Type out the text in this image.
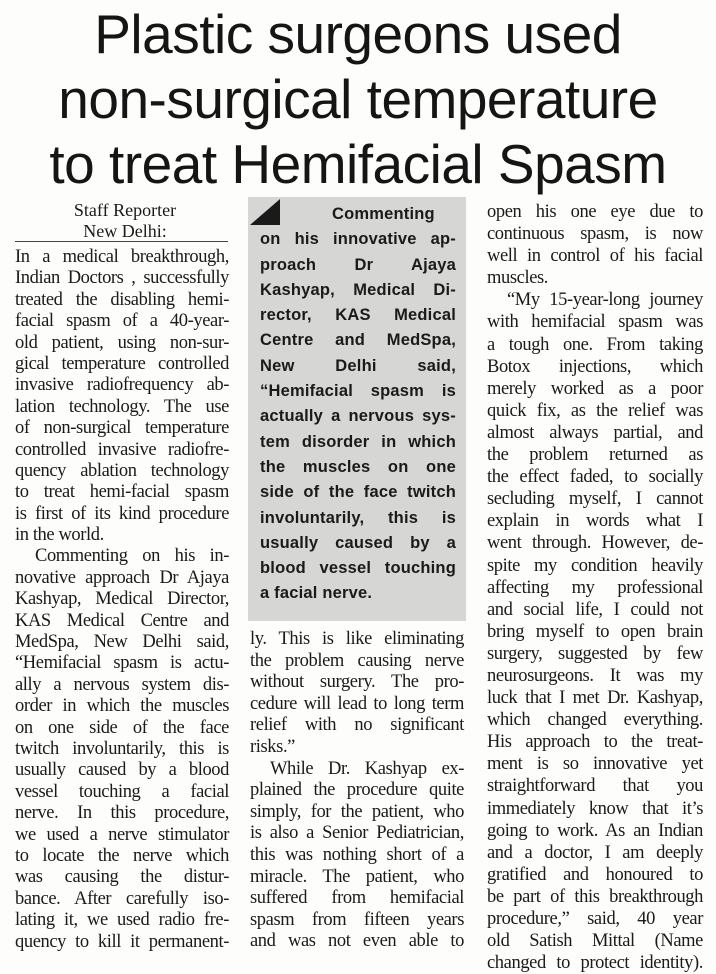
Plastic surgeons used
non-surgical temperature
to treat Hemifacial Spasm
Staff Reporter
New Delhi:
In a medical breakthrough,
Indian Doctors , successfully
treated the disabling hemi-
facial spasm of a 40-year-
old patient, using non-sur-
gical temperature controlled
invasive radiofrequency ab-
lation technology. The use
of non-surgical temperature
controlled invasive radiofre-
quency ablation technology
to treat hemi-facial spasm
is first of its kind procedure
in the world.
Commenting on his in-
novative approach Dr Ajaya
Kashyap, Medical Director,
KAS Medical Centre and
MedSpa, New Delhi said,
“Hemifacial spasm is actu-
ally a nervous system dis-
order in which the muscles
on one side of the face
twitch involuntarily, this is
usually caused by a blood
vessel touching a facial
nerve. In this procedure,
we used a nerve stimulator
to locate the nerve which
was causing the distur-
bance. After carefully iso-
lating it, we used radio fre-
quency to kill it permanent-
Commenting
on his innovative ap-
proach Dr Ajaya
Kashyap, Medical Di-
rector, KAS Medical
Centre and MedSpa,
New Delhi said,
“Hemifacial spasm is
actually a nervous sys-
tem disorder in which
the muscles on one
side of the face twitch
involuntarily, this is
usually caused by a
blood vessel touching
a facial nerve.
ly. This is like eliminating
the problem causing nerve
without surgery. The pro-
cedure will lead to long term
relief with no significant
risks.”
While Dr. Kashyap ex-
plained the procedure quite
simply, for the patient, who
is also a Senior Pediatrician,
this was nothing short of a
miracle. The patient, who
suffered from hemifacial
spasm from fifteen years
and was not even able to
open his one eye due to
continuous spasm, is now
well in control of his facial
muscles.
“My 15-year-long journey
with hemifacial spasm was
a tough one. From taking
Botox injections, which
merely worked as a poor
quick fix, as the relief was
almost always partial, and
the problem returned as
the effect faded, to socially
secluding myself, I cannot
explain in words what I
went through. However, de-
spite my condition heavily
affecting my professional
and social life, I could not
bring myself to open brain
surgery, suggested by few
neurosurgeons. It was my
luck that I met Dr. Kashyap,
which changed everything.
His approach to the treat-
ment is so innovative yet
straightforward that you
immediately know that it’s
going to work. As an Indian
and a doctor, I am deeply
gratified and honoured to
be part of this breakthrough
procedure,” said, 40 year
old Satish Mittal (Name
changed to protect identity).
